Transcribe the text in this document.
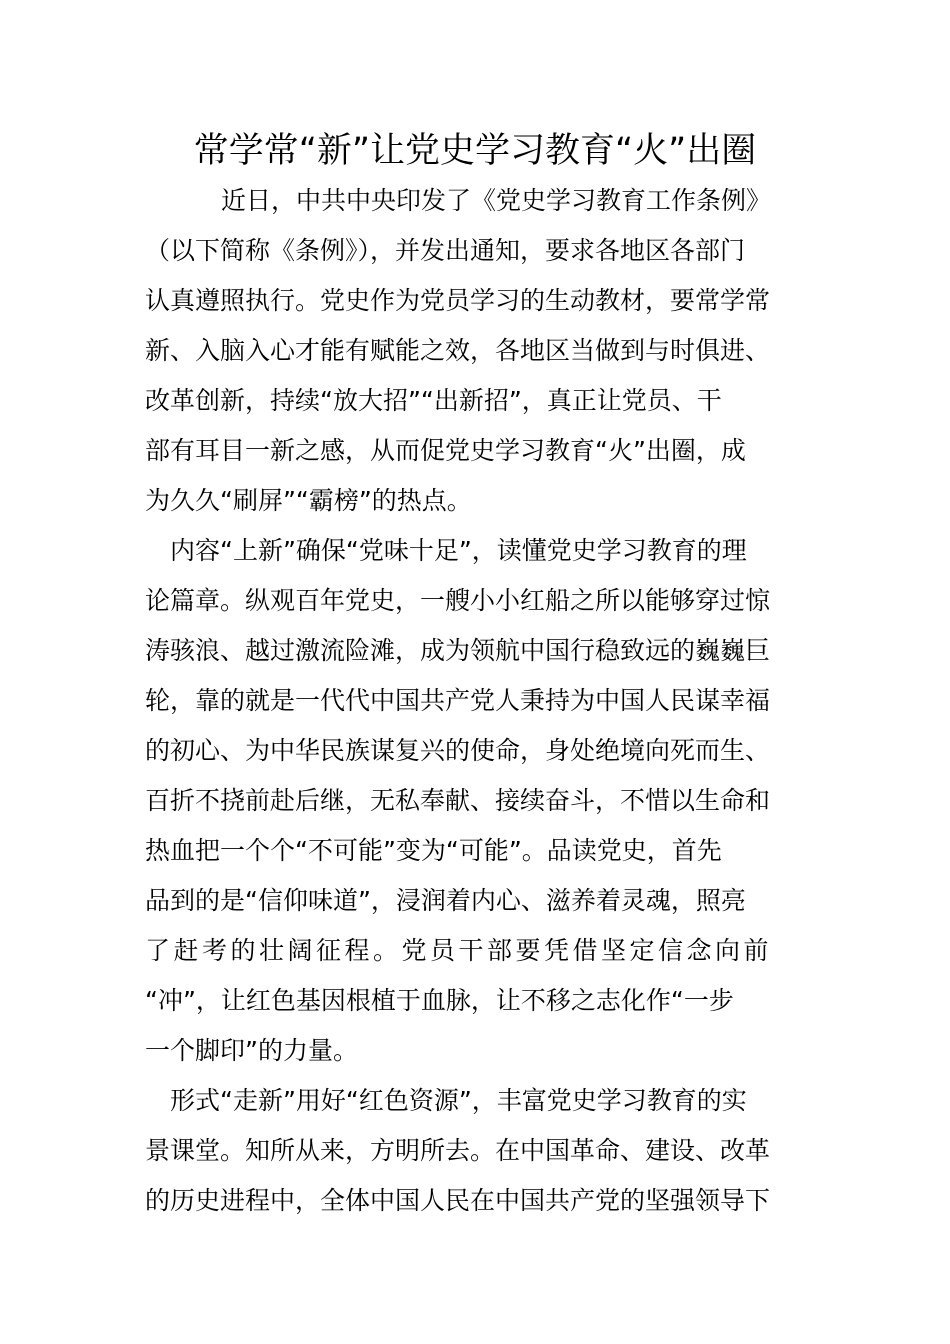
常学常“新”让党史学习教育“火”出圈

近日，中共中央印发了《党史学习教育工作条例》

（以下简称《条例》），并发出通知，要求各地区各部门

认真遵照执行。党史作为党员学习的生动教材，要常学常

新、入脑入心才能有赋能之效，各地区当做到与时俱进、

改革创新，持续“放大招”“出新招”，真正让党员、干

部有耳目一新之感，从而促党史学习教育“火”出圈，成

为久久“刷屏”“霸榜”的热点。

内容“上新”确保“党味十足”，读懂党史学习教育的理

论篇章。纵观百年党史，一艘小小红船之所以能够穿过惊

涛骇浪、越过激流险滩，成为领航中国行稳致远的巍巍巨

轮，靠的就是一代代中国共产党人秉持为中国人民谋幸福

的初心、为中华民族谋复兴的使命，身处绝境向死而生、

百折不挠前赴后继，无私奉献、接续奋斗，不惜以生命和

热血把一个个“不可能”变为“可能”。品读党史，首先

品到的是“信仰味道”，浸润着内心、滋养着灵魂，照亮

了赶考的壮阔征程。党员干部要凭借坚定信念向前

“冲”，让红色基因根植于血脉，让不移之志化作“一步

一个脚印”的力量。

形式“走新”用好“红色资源”，丰富党史学习教育的实

景课堂。知所从来，方明所去。在中国革命、建设、改革

的历史进程中，全体中国人民在中国共产党的坚强领导下
